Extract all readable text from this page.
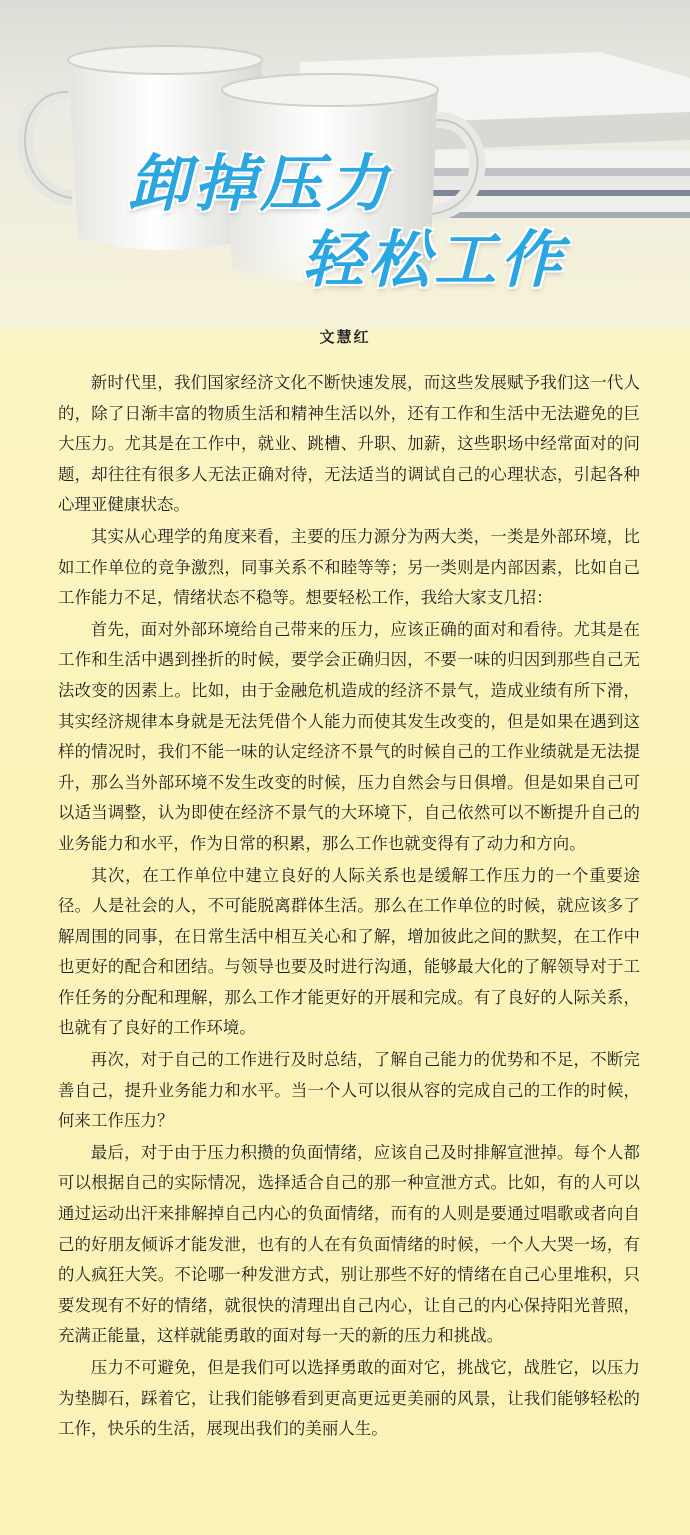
卸掉压力
轻松工作
文慧红

新时代里，我们国家经济文化不断快速发展，而这些发展赋予我们这一代人的，除了日渐丰富的物质生活和精神生活以外，还有工作和生活中无法避免的巨大压力。尤其是在工作中，就业、跳槽、升职、加薪，这些职场中经常面对的问题，却往往有很多人无法正确对待，无法适当的调试自己的心理状态，引起各种心理亚健康状态。

其实从心理学的角度来看，主要的压力源分为两大类，一类是外部环境，比如工作单位的竞争激烈，同事关系不和睦等等；另一类则是内部因素，比如自己工作能力不足，情绪状态不稳等。想要轻松工作，我给大家支几招：

首先，面对外部环境给自己带来的压力，应该正确的面对和看待。尤其是在工作和生活中遇到挫折的时候，要学会正确归因，不要一味的归因到那些自己无法改变的因素上。比如，由于金融危机造成的经济不景气，造成业绩有所下滑，其实经济规律本身就是无法凭借个人能力而使其发生改变的，但是如果在遇到这样的情况时，我们不能一味的认定经济不景气的时候自己的工作业绩就是无法提升，那么当外部环境不发生改变的时候，压力自然会与日俱增。但是如果自己可以适当调整，认为即使在经济不景气的大环境下，自己依然可以不断提升自己的业务能力和水平，作为日常的积累，那么工作也就变得有了动力和方向。

其次，在工作单位中建立良好的人际关系也是缓解工作压力的一个重要途径。人是社会的人，不可能脱离群体生活。那么在工作单位的时候，就应该多了解周围的同事，在日常生活中相互关心和了解，增加彼此之间的默契，在工作中也更好的配合和团结。与领导也要及时进行沟通，能够最大化的了解领导对于工作任务的分配和理解，那么工作才能更好的开展和完成。有了良好的人际关系，也就有了良好的工作环境。

再次，对于自己的工作进行及时总结，了解自己能力的优势和不足，不断完善自己，提升业务能力和水平。当一个人可以很从容的完成自己的工作的时候，何来工作压力？

最后，对于由于压力积攒的负面情绪，应该自己及时排解宣泄掉。每个人都可以根据自己的实际情况，选择适合自己的那一种宣泄方式。比如，有的人可以通过运动出汗来排解掉自己内心的负面情绪，而有的人则是要通过唱歌或者向自己的好朋友倾诉才能发泄，也有的人在有负面情绪的时候，一个人大哭一场，有的人疯狂大笑。不论哪一种发泄方式，别让那些不好的情绪在自己心里堆积，只要发现有不好的情绪，就很快的清理出自己内心，让自己的内心保持阳光普照，充满正能量，这样就能勇敢的面对每一天的新的压力和挑战。

压力不可避免，但是我们可以选择勇敢的面对它，挑战它，战胜它，以压力为垫脚石，踩着它，让我们能够看到更高更远更美丽的风景，让我们能够轻松的工作，快乐的生活，展现出我们的美丽人生。
